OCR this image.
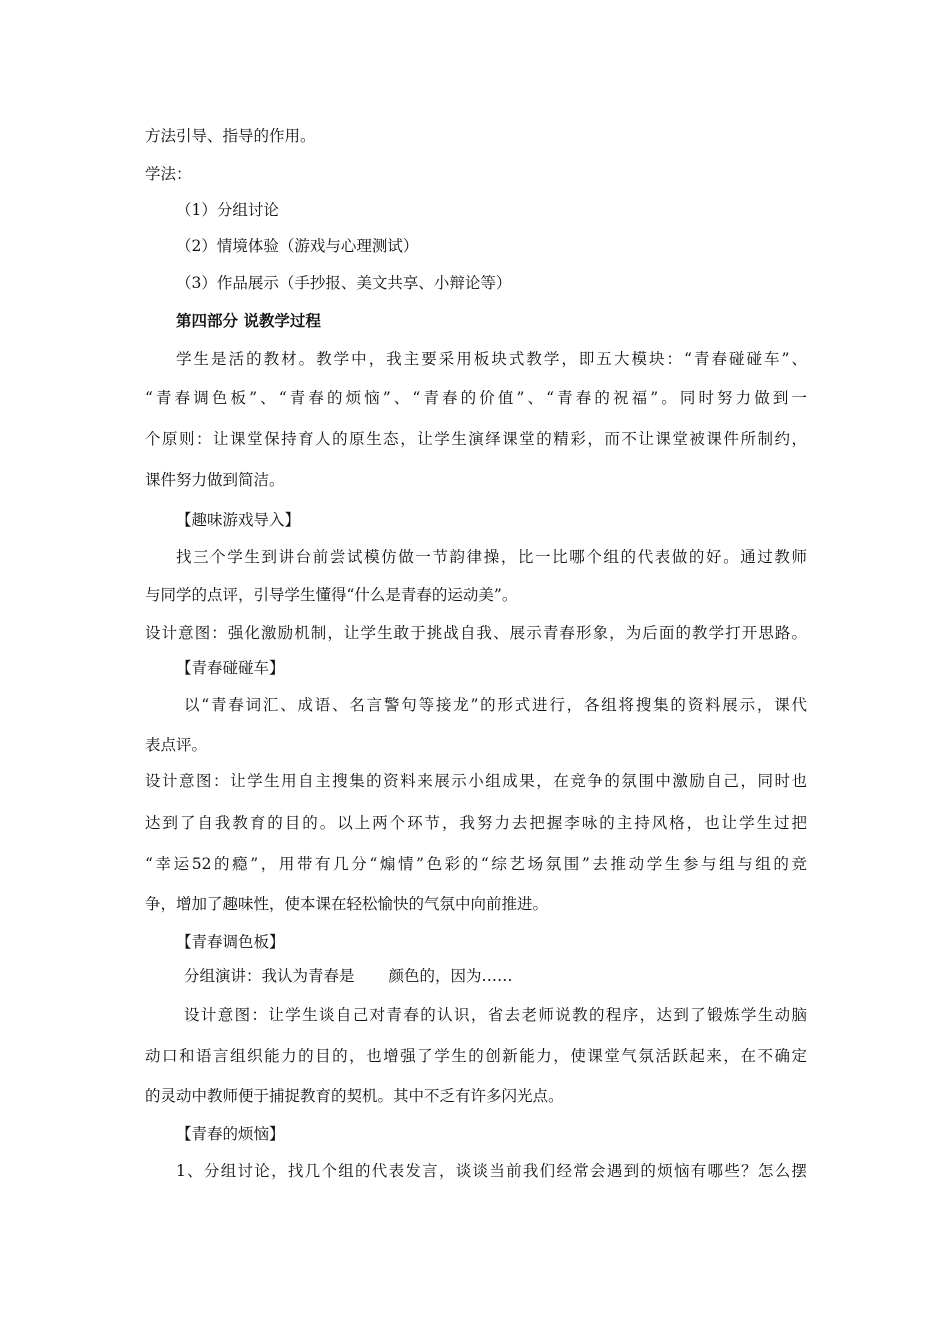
方法引导、指导的作用。
学法：
（1）分组讨论
（2）情境体验（游戏与心理测试）
（3）作品展示（手抄报、美文共享、小辩论等）
第四部分 说教学过程
学生是活的教材。教学中，我主要采用板块式教学，即五大模块：“青春碰碰车”、
“青春调色板”、“青春的烦恼”、“青春的价值”、“青春的祝福”。同时努力做到一
个原则：让课堂保持育人的原生态，让学生演绎课堂的精彩，而不让课堂被课件所制约，
课件努力做到简洁。
【趣味游戏导入】
找三个学生到讲台前尝试模仿做一节韵律操，比一比哪个组的代表做的好。通过教师
与同学的点评，引导学生懂得“什么是青春的运动美”。
设计意图：强化激励机制，让学生敢于挑战自我、展示青春形象，为后面的教学打开思路。
【青春碰碰车】
以“青春词汇、成语、名言警句等接龙”的形式进行，各组将搜集的资料展示，课代
表点评。
设计意图：让学生用自主搜集的资料来展示小组成果，在竞争的氛围中激励自己，同时也
达到了自我教育的目的。以上两个环节，我努力去把握李咏的主持风格，也让学生过把
“幸运52的瘾”，用带有几分“煽情”色彩的“综艺场氛围”去推动学生参与组与组的竞
争，增加了趣味性，使本课在轻松愉快的气氛中向前推进。
【青春调色板】
分组演讲：我认为青春是 颜色的，因为……
设计意图：让学生谈自己对青春的认识，省去老师说教的程序，达到了锻炼学生动脑
动口和语言组织能力的目的，也增强了学生的创新能力，使课堂气氛活跃起来，在不确定
的灵动中教师便于捕捉教育的契机。其中不乏有许多闪光点。
【青春的烦恼】
1、分组讨论，找几个组的代表发言，谈谈当前我们经常会遇到的烦恼有哪些？怎么摆
